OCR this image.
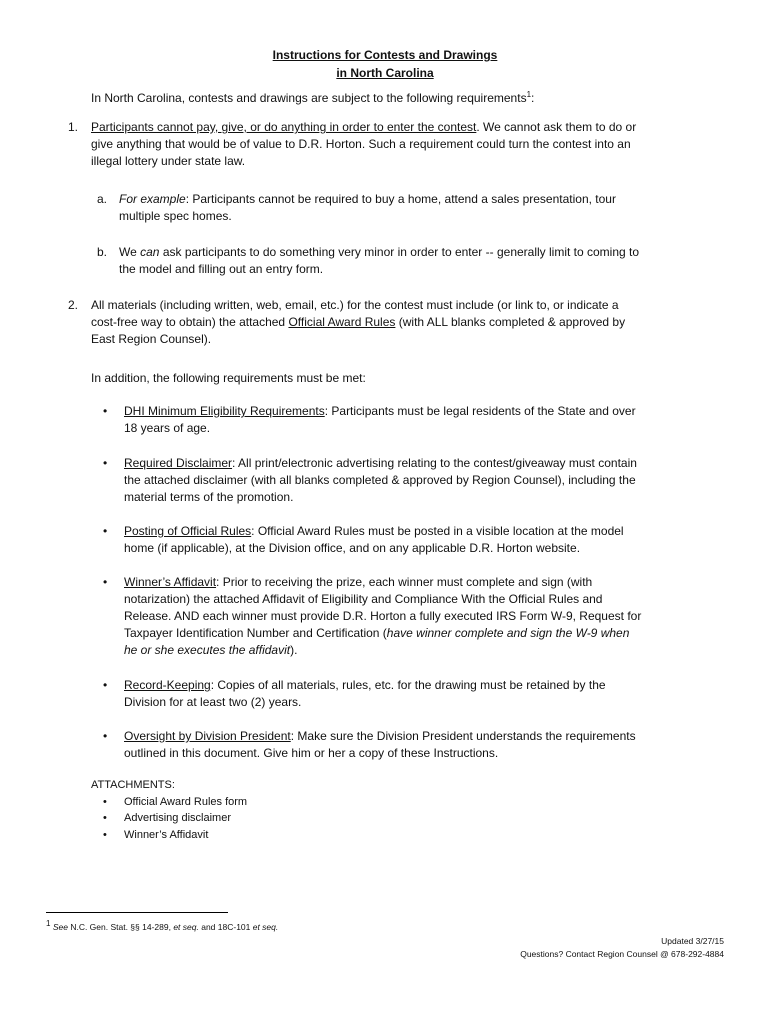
Instructions for Contests and Drawings
in North Carolina
In North Carolina, contests and drawings are subject to the following requirements$^1$:
1. Participants cannot pay, give, or do anything in order to enter the contest. We cannot ask them to do or
give anything that would be of value to D.R. Horton. Such a requirement could turn the contest into an
illegal lottery under state law.
a. For example: Participants cannot be required to buy a home, attend a sales presentation, tour
multiple spec homes.
b. We can ask participants to do something very minor in order to enter -- generally limit to coming to
the model and filling out an entry form.
2. All materials (including written, web, email, etc.) for the contest must include (or link to, or indicate a
cost-free way to obtain) the attached Official Award Rules (with ALL blanks completed & approved by
East Region Counsel).
In addition, the following requirements must be met:
• DHI Minimum Eligibility Requirements: Participants must be legal residents of the State and over
18 years of age.
• Required Disclaimer: All print/electronic advertising relating to the contest/giveaway must contain
the attached disclaimer (with all blanks completed & approved by Region Counsel), including the
material terms of the promotion.
• Posting of Official Rules: Official Award Rules must be posted in a visible location at the model
home (if applicable), at the Division office, and on any applicable D.R. Horton website.
• Winner’s Affidavit: Prior to receiving the prize, each winner must complete and sign (with
notarization) the attached Affidavit of Eligibility and Compliance With the Official Rules and
Release. AND each winner must provide D.R. Horton a fully executed IRS Form W-9, Request for
Taxpayer Identification Number and Certification (have winner complete and sign the W-9 when
he or she executes the affidavit).
• Record-Keeping: Copies of all materials, rules, etc. for the drawing must be retained by the
Division for at least two (2) years.
• Oversight by Division President: Make sure the Division President understands the requirements
outlined in this document. Give him or her a copy of these Instructions.
ATTACHMENTS:
• Official Award Rules form
• Advertising disclaimer
• Winner’s Affidavit
1 See N.C. Gen. Stat. §§ 14-289, et seq. and 18C-101 et seq.
Updated 3/27/15
Questions? Contact Region Counsel @ 678-292-4884
